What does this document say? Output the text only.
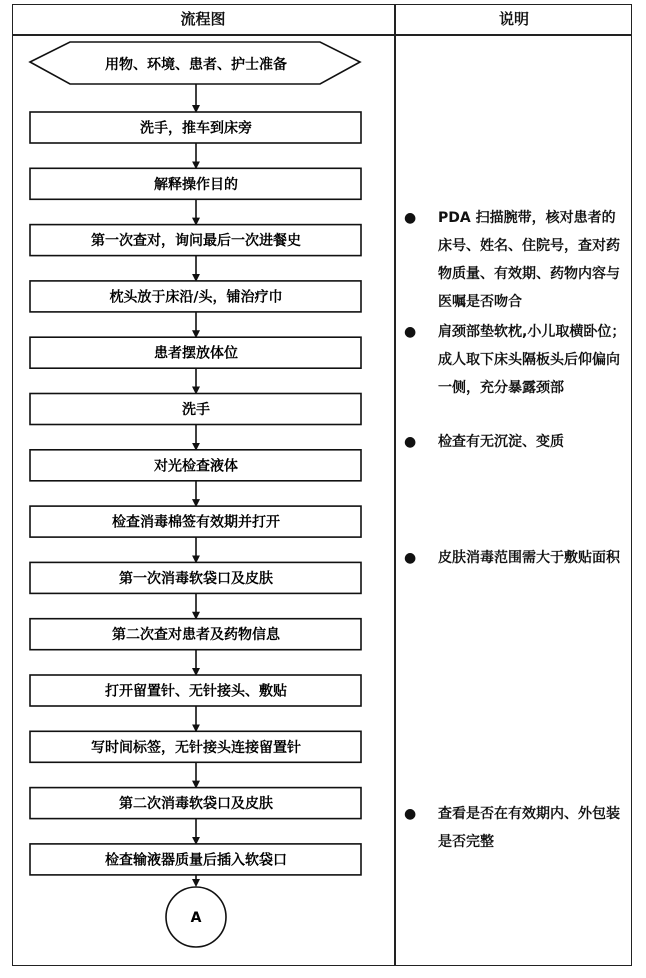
流程图	说明
用物、环境、患者、护士准备
洗手，推车到床旁
解释操作目的
第一次查对，询问最后一次进餐史
枕头放于床沿/头，铺治疗巾
患者摆放体位
洗手
对光检查液体
检查消毒棉签有效期并打开
第一次消毒软袋口及皮肤
第二次查对患者及药物信息
打开留置针、无针接头、敷贴
写时间标签，无针接头连接留置针
第二次消毒软袋口及皮肤
检查输液器质量后插入软袋口
A
● PDA 扫描腕带，核对患者的床号、姓名、住院号，查对药物质量、有效期、药物内容与医嘱是否吻合
● 肩颈部垫软枕,小儿取横卧位；成人取下床头隔板头后仰偏向一侧，充分暴露颈部
● 检查有无沉淀、变质
● 皮肤消毒范围需大于敷贴面积
● 查看是否在有效期内、外包装是否完整
